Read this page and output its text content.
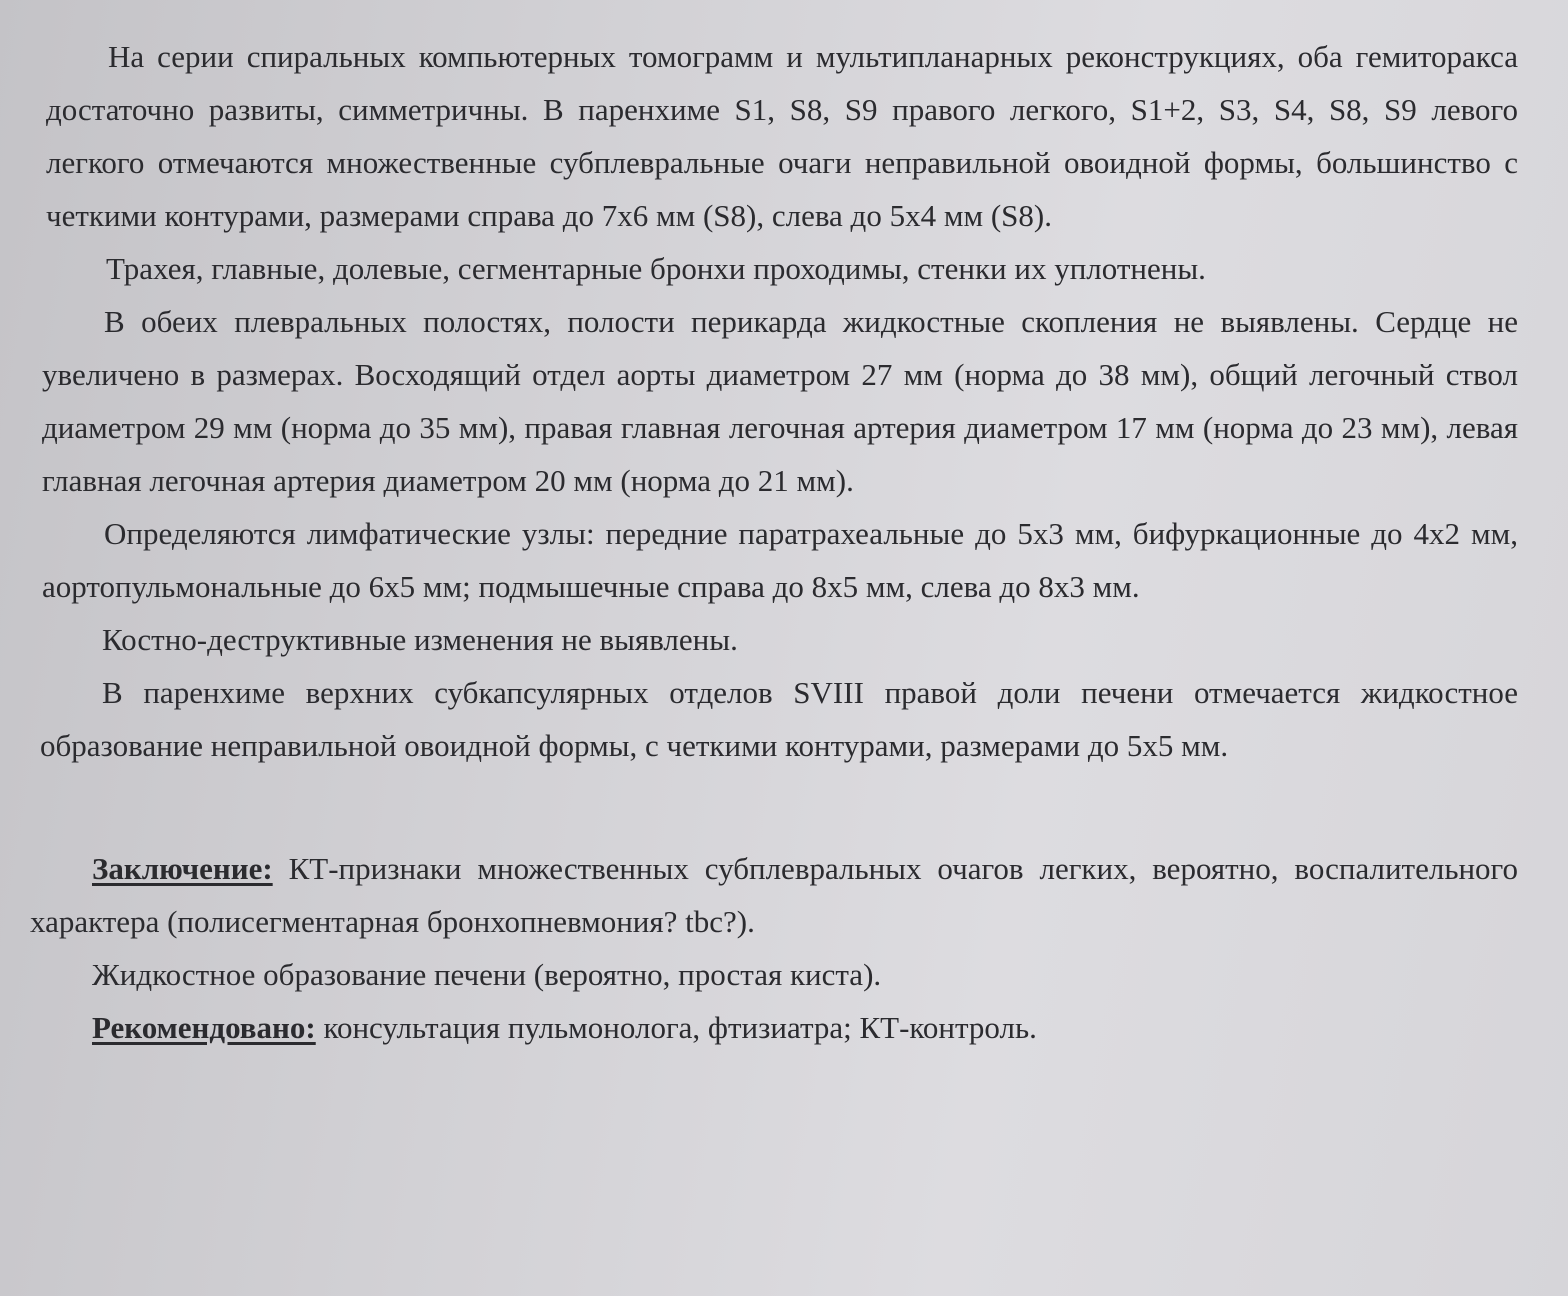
На серии спиральных компьютерных томограмм и мультипланарных реконструкциях, оба гемиторакса достаточно развиты, симметричны. В паренхиме S1, S8, S9 правого легкого, S1+2, S3, S4, S8, S9 левого легкого отмечаются множественные субплевральные очаги неправильной овоидной формы, большинство с четкими контурами, размерами справа до 7х6 мм (S8), слева до 5х4 мм (S8).

Трахея, главные, долевые, сегментарные бронхи проходимы, стенки их уплотнены.

В обеих плевральных полостях, полости перикарда жидкостные скопления не выявлены. Сердце не увеличено в размерах. Восходящий отдел аорты диаметром 27 мм (норма до 38 мм), общий легочный ствол диаметром 29 мм (норма до 35 мм), правая главная легочная артерия диаметром 17 мм (норма до 23 мм), левая главная легочная артерия диаметром 20 мм (норма до 21 мм).

Определяются лимфатические узлы: передние паратрахеальные до 5х3 мм, бифуркационные до 4х2 мм, аортопульмональные до 6х5 мм; подмышечные справа до 8х5 мм, слева до 8х3 мм.

Костно-деструктивные изменения не выявлены.

В паренхиме верхних субкапсулярных отделов SVIII правой доли печени отмечается жидкостное образование неправильной овоидной формы, с четкими контурами, размерами до 5х5 мм.

Заключение: КТ-признаки множественных субплевральных очагов легких, вероятно, воспалительного характера (полисегментарная бронхопневмония? tbc?).

Жидкостное образование печени (вероятно, простая киста).

Рекомендовано: консультация пульмонолога, фтизиатра; КТ-контроль.
